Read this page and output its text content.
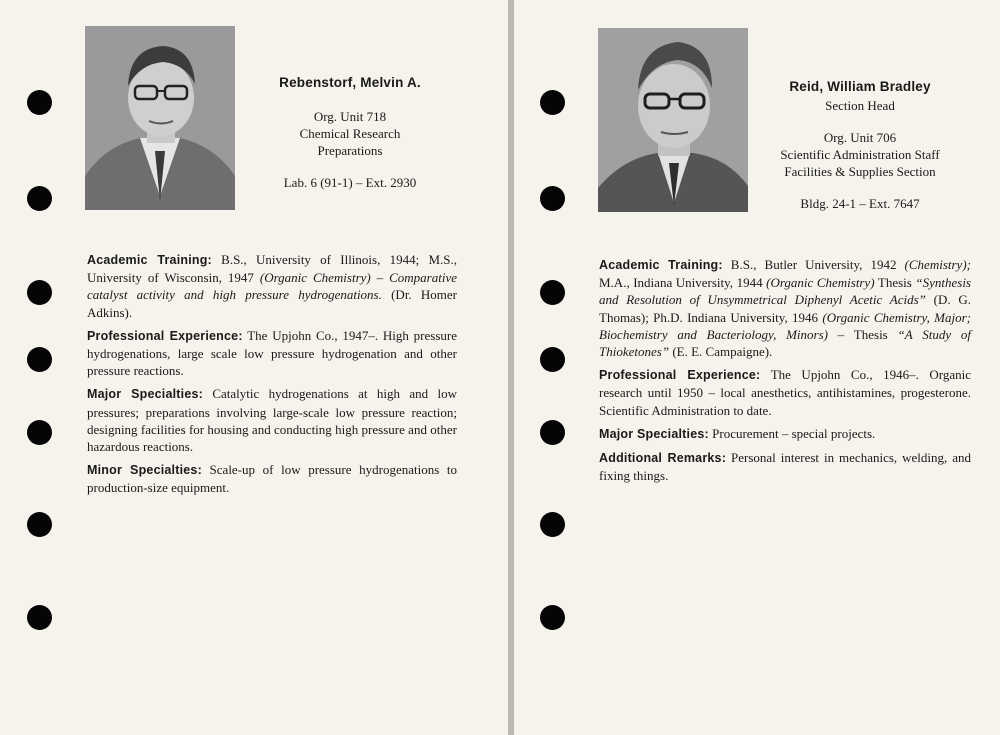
Rebenstorf, Melvin A.
Org. Unit 718
Chemical Research
Preparations
Lab. 6 (91-1) – Ext. 2930

Academic Training: B.S., University of Illinois, 1944; M.S., University of Wisconsin, 1947 (Organic Chemistry) – Comparative catalyst activity and high pressure hydrogenations. (Dr. Homer Adkins).

Professional Experience: The Upjohn Co., 1947–. High pressure hydrogenations, large scale low pressure hydrogenation and other pressure reactions.

Major Specialties: Catalytic hydrogenations at high and low pressures; preparations involving large-scale low pressure reaction; designing facilities for housing and conducting high pressure and other hazardous reactions.

Minor Specialties: Scale-up of low pressure hydrogenations to production-size equipment.

Reid, William Bradley
Section Head
Org. Unit 706
Scientific Administration Staff
Facilities & Supplies Section
Bldg. 24-1 – Ext. 7647

Academic Training: B.S., Butler University, 1942 (Chemistry); M.A., Indiana University, 1944 (Organic Chemistry) Thesis “Synthesis and Resolution of Unsymmetrical Diphenyl Acetic Acids” (D. G. Thomas); Ph.D. Indiana University, 1946 (Organic Chemistry, Major; Biochemistry and Bacteriology, Minors) – Thesis “A Study of Thioketones” (E. E. Campaigne).

Professional Experience: The Upjohn Co., 1946–. Organic research until 1950 – local anesthetics, antihistamines, progesterone. Scientific Administration to date.

Major Specialties: Procurement – special projects.

Additional Remarks: Personal interest in mechanics, welding, and fixing things.
